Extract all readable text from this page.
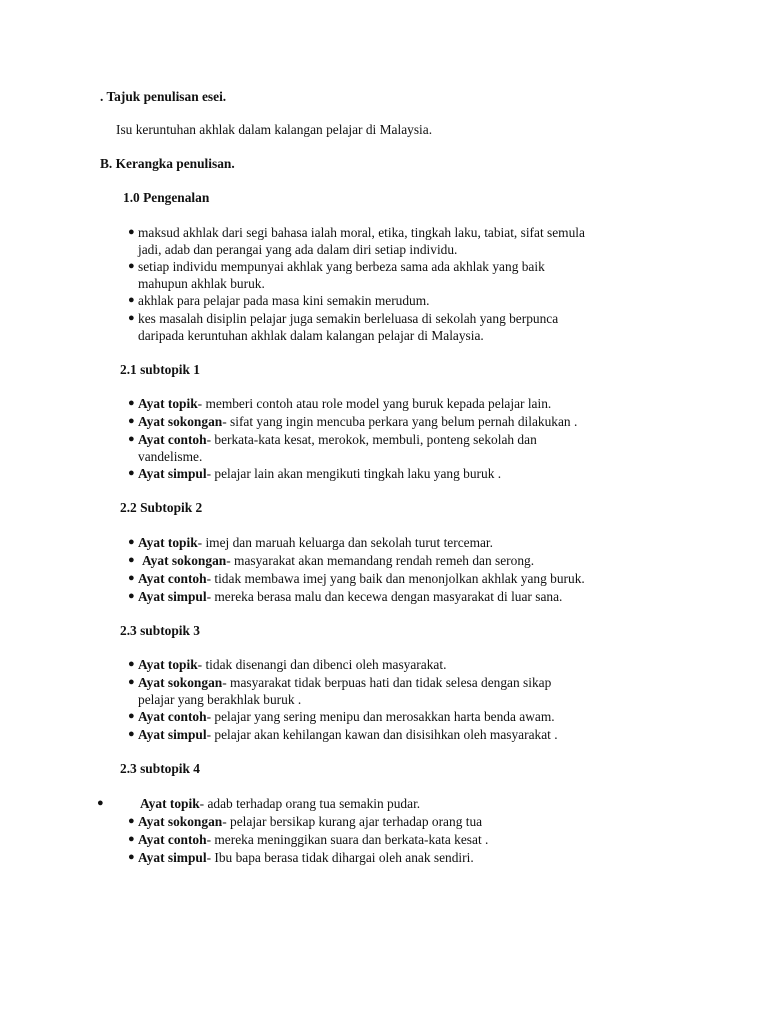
. Tajuk penulisan esei.
Isu keruntuhan akhlak dalam kalangan pelajar di Malaysia.
B. Kerangka penulisan.
1.0 Pengenalan
● maksud akhlak dari segi bahasa ialah moral, etika, tingkah laku, tabiat, sifat semula
jadi, adab dan perangai yang ada dalam diri setiap individu.
● setiap individu mempunyai akhlak yang berbeza sama ada akhlak yang baik
mahupun akhlak buruk.
● akhlak para pelajar pada masa kini semakin merudum.
● kes masalah disiplin pelajar juga semakin berleluasa di sekolah yang berpunca
daripada keruntuhan akhlak dalam kalangan pelajar di Malaysia.
2.1 subtopik 1
● Ayat topik- memberi contoh atau role model yang buruk kepada pelajar lain.
● Ayat sokongan- sifat yang ingin mencuba perkara yang belum pernah dilakukan .
● Ayat contoh- berkata-kata kesat, merokok, membuli, ponteng sekolah dan
vandelisme.
● Ayat simpul- pelajar lain akan mengikuti tingkah laku yang buruk .
2.2 Subtopik 2
● Ayat topik- imej dan maruah keluarga dan sekolah turut tercemar.
● Ayat sokongan- masyarakat akan memandang rendah remeh dan serong.
● Ayat contoh- tidak membawa imej yang baik dan menonjolkan akhlak yang buruk.
● Ayat simpul- mereka berasa malu dan kecewa dengan masyarakat di luar sana.
2.3 subtopik 3
● Ayat topik- tidak disenangi dan dibenci oleh masyarakat.
● Ayat sokongan- masyarakat tidak berpuas hati dan tidak selesa dengan sikap
pelajar yang berakhlak buruk .
● Ayat contoh- pelajar yang sering menipu dan merosakkan harta benda awam.
● Ayat simpul- pelajar akan kehilangan kawan dan disisihkan oleh masyarakat .
2.3 subtopik 4
●	Ayat topik- adab terhadap orang tua semakin pudar.
● Ayat sokongan- pelajar bersikap kurang ajar terhadap orang tua
● Ayat contoh- mereka meninggikan suara dan berkata-kata kesat .
● Ayat simpul- Ibu bapa berasa tidak dihargai oleh anak sendiri.
